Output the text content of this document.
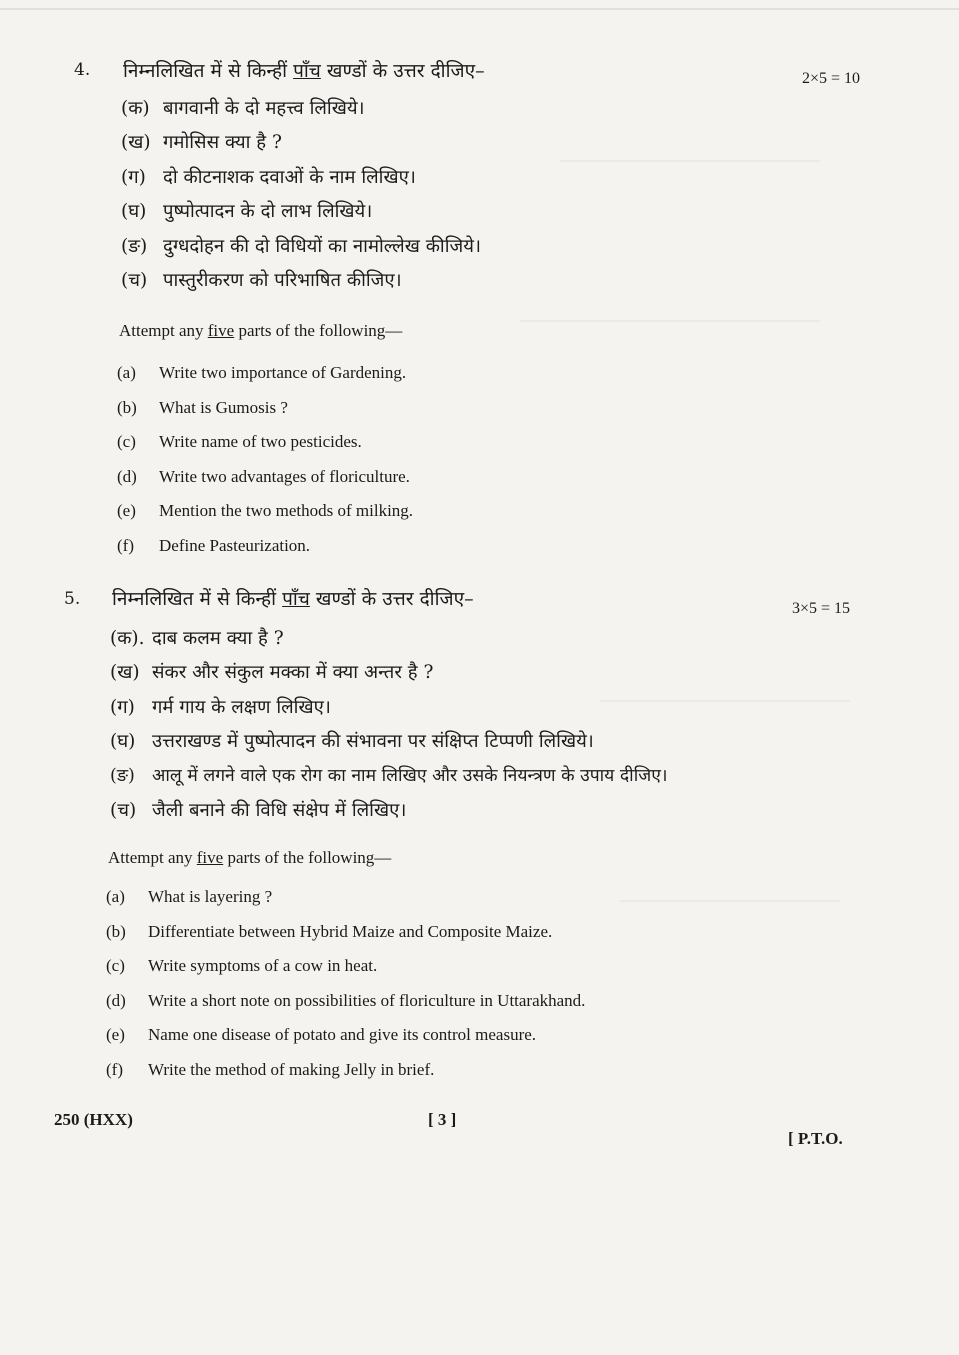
4. निम्नलिखित में से किन्हीं पाँच खण्डों के उत्तर दीजिए–	2×5 = 10
(क) बागवानी के दो महत्त्व लिखिये।
(ख) गमोसिस क्या है ?
(ग) दो कीटनाशक दवाओं के नाम लिखिए।
(घ) पुष्पोत्पादन के दो लाभ लिखिये।
(ङ) दुग्धदोहन की दो विधियों का नामोल्लेख कीजिये।
(च) पास्तुरीकरण को परिभाषित कीजिए।
Attempt any five parts of the following—
(a)	Write two importance of Gardening.
(b)	What is Gumosis ?
(c)	Write name of two pesticides.
(d)	Write two advantages of floriculture.
(e)	Mention the two methods of milking.
(f)	Define Pasteurization.
5. निम्नलिखित में से किन्हीं पाँच खण्डों के उत्तर दीजिए–	3×5 = 15
(क). दाब कलम क्या है ?
(ख) संकर और संकुल मक्का में क्या अन्तर है ?
(ग) गर्म गाय के लक्षण लिखिए।
(घ) उत्तराखण्ड में पुष्पोत्पादन की संभावना पर संक्षिप्त टिप्पणी लिखिये।
(ङ) आलू में लगने वाले एक रोग का नाम लिखिए और उसके नियन्त्रण के उपाय दीजिए।
(च) जैली बनाने की विधि संक्षेप में लिखिए।
Attempt any five parts of the following—
(a)	What is layering ?
(b)	Differentiate between Hybrid Maize and Composite Maize.
(c)	Write symptoms of a cow in heat.
(d)	Write a short note on possibilities of floriculture in Uttarakhand.
(e)	Name one disease of potato and give its control measure.
(f)	Write the method of making Jelly in brief.
250 (HXX)	[ 3 ]
[ P.T.O.
